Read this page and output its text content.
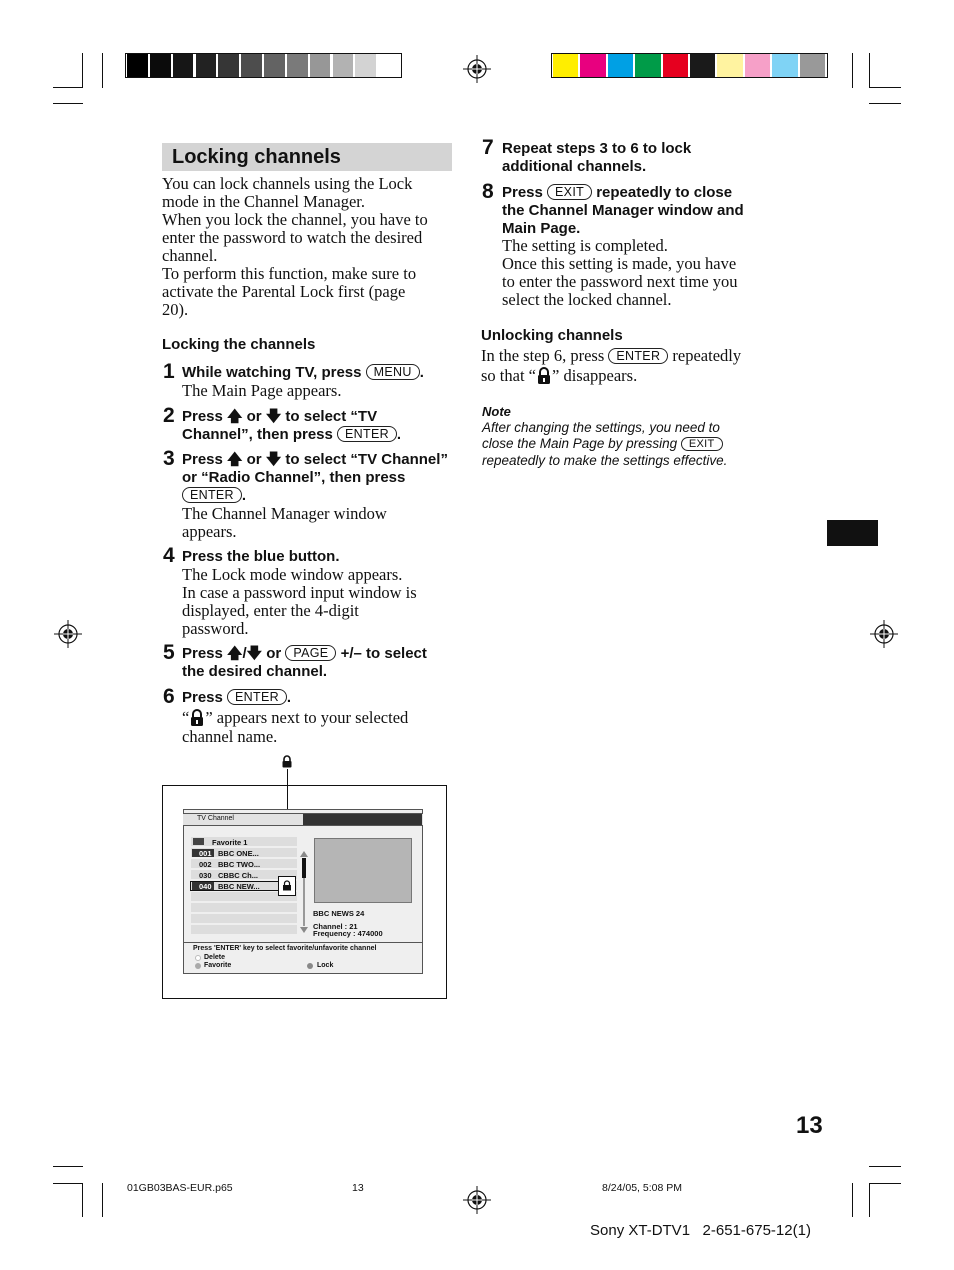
Locking channels
You can lock channels using the Lock
mode in the Channel Manager.
When you lock the channel, you have to
enter the password to watch the desired
channel.
To perform this function, make sure to
activate the Parental Lock first (page
20).
Locking the channels
1 While watching TV, press MENU .
The Main Page appears.
2 Press 🡅 or 🡇 to select “TV
Channel”, then press ENTER .
3 Press 🡅 or 🡇 to select “TV Channel”
or “Radio Channel”, then press
ENTER .
The Channel Manager window
appears.
4 Press the blue button.
The Lock mode window appears.
In case a password input window is
displayed, enter the 4-digit
password.
5 Press 🡅/🡇 or PAGE +/– to select
the desired channel.
6 Press ENTER .
“ ” appears next to your selected
channel name.
TV Channel
Favorite 1
001 BBC ONE...
002 BBC TWO...
030 CBBC Ch...
040 BBC NEW...
BBC NEWS 24
Channel : 21
Frequency : 474000
Press 'ENTER' key to select favorite/unfavorite channel
Delete
Favorite	Lock
7 Repeat steps 3 to 6 to lock
additional channels.
8 Press EXIT repeatedly to close
the Channel Manager window and
Main Page.
The setting is completed.
Once this setting is made, you have
to enter the password next time you
select the locked channel.
Unlocking channels
In the step 6, press ENTER repeatedly
so that “ ” disappears.
Note
After changing the settings, you need to
close the Main Page by pressing EXIT
repeatedly to make the settings effective.
13
01GB03BAS-EUR.p65	13	8/24/05, 5:08 PM
Sony XT-DTV1   2-651-675-12(1)
